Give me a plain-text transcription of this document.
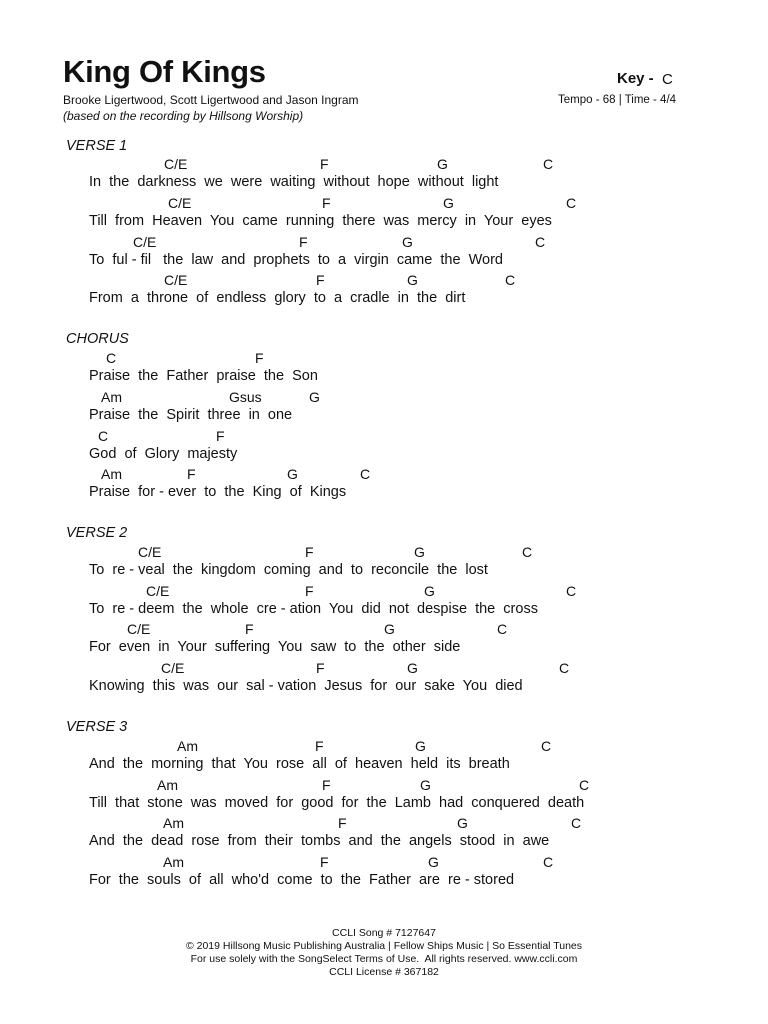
King Of Kings
Brooke Ligertwood, Scott Ligertwood and Jason Ingram
(based on the recording by Hillsong Worship)
Key - C
Tempo - 68 | Time - 4/4
VERSE 1
C/E	F	G	C
In  the  darkness  we  were  waiting  without  hope  without  light
C/E	F	G	C
Till  from  Heaven  You  came  running  there  was  mercy  in  Your  eyes
C/E	F	G	C
To  ful - fil   the  law  and  prophets  to  a  virgin  came  the  Word
C/E	F	G	C
From  a  throne  of  endless  glory  to  a  cradle  in  the  dirt
CHORUS
C	F
Praise  the  Father  praise  the  Son
Am	Gsus	G
Praise  the  Spirit  three  in  one
C	F
God  of  Glory  majesty
Am	F	G	C
Praise  for - ever  to  the  King  of  Kings
VERSE 2
C/E	F	G	C
To  re - veal  the  kingdom  coming  and  to  reconcile  the  lost
C/E	F	G	C
To  re - deem  the  whole  cre - ation  You  did  not  despise  the  cross
C/E	F	G	C
For  even  in  Your  suffering  You  saw  to  the  other  side
C/E	F	G	C
Knowing  this  was  our  sal - vation  Jesus  for  our  sake  You  died
VERSE 3
Am	F	G	C
And  the  morning  that  You  rose  all  of  heaven  held  its  breath
Am	F	G	C
Till  that  stone  was  moved  for  good  for  the  Lamb  had  conquered  death
Am	F	G	C
And  the  dead  rose  from  their  tombs  and  the  angels  stood  in  awe
Am	F	G	C
For  the  souls  of  all  who'd  come  to  the  Father  are  re - stored
CCLI Song # 7127647
© 2019 Hillsong Music Publishing Australia | Fellow Ships Music | So Essential Tunes
For use solely with the SongSelect Terms of Use.  All rights reserved. www.ccli.com
CCLI License # 367182
